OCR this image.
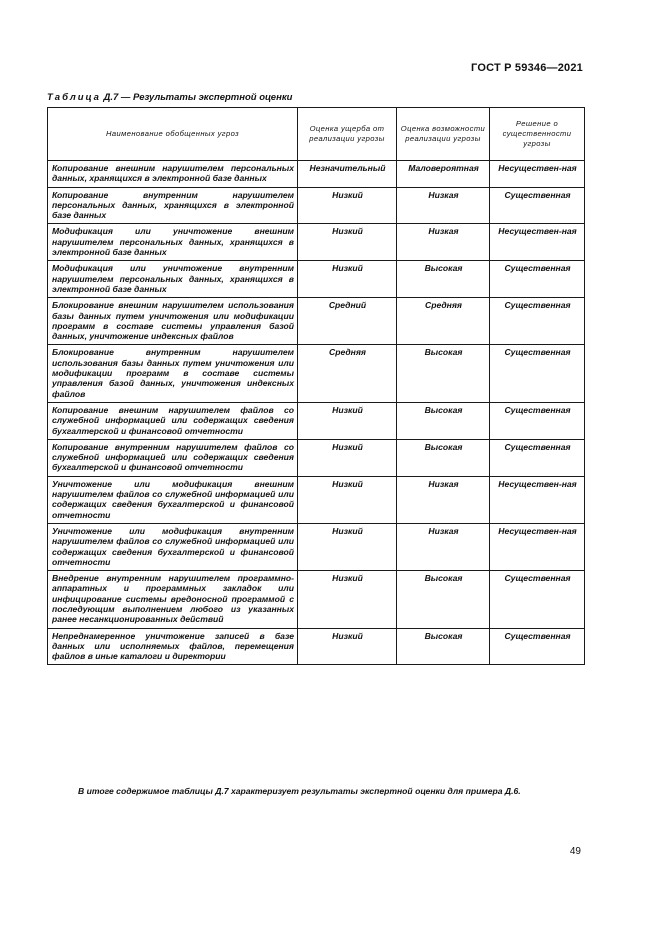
ГОСТ Р 59346—2021
Таблица Д.7 — Результаты экспертной оценки
Наименование обобщенных угроз	Оценка ущерба от реализации угрозы	Оценка возможности реализации угрозы	Решение о существенности угрозы
Копирование внешним нарушителем персональных данных, хранящихся в электронной базе данных	Незначительный	Маловероятная	Несуществен-ная
Копирование внутренним нарушителем персональных данных, хранящихся в электронной базе данных	Низкий	Низкая	Существенная
Модификация или уничтожение внешним нарушителем персональных данных, хранящихся в электронной базе данных	Низкий	Низкая	Несуществен-ная
Модификация или уничтожение внутренним нарушителем персональных данных, хранящихся в электронной базе данных	Низкий	Высокая	Существенная
Блокирование внешним нарушителем использования базы данных путем уничтожения или модификации программ в составе системы управления базой данных, уничтожение индексных файлов	Средний	Средняя	Существенная
Блокирование внутренним нарушителем использования базы данных путем уничтожения или модификации программ в составе системы управления базой данных, уничтожения индексных файлов	Средняя	Высокая	Существенная
Копирование внешним нарушителем файлов со служебной информацией или содержащих сведения бухгалтерской и финансовой отчетности	Низкий	Высокая	Существенная
Копирование внутренним нарушителем файлов со служебной информацией или содержащих сведения бухгалтерской и финансовой отчетности	Низкий	Высокая	Существенная
Уничтожение или модификация внешним нарушителем файлов со служебной информацией или содержащих сведения бухгалтерской и финансовой отчетности	Низкий	Низкая	Несуществен-ная
Уничтожение или модификация внутренним нарушителем файлов со служебной информацией или содержащих сведения бухгалтерской и финансовой отчетности	Низкий	Низкая	Несуществен-ная
Внедрение внутренним нарушителем программно-аппаратных и программных закладок или инфицирование системы вредоносной программой с последующим выполнением любого из указанных ранее несанкционированных действий	Низкий	Высокая	Существенная
Непреднамеренное уничтожение записей в базе данных или исполняемых файлов, перемещения файлов в иные каталоги и директории	Низкий	Высокая	Существенная
В итоге содержимое таблицы Д.7 характеризует результаты экспертной оценки для примера Д.6.
49
